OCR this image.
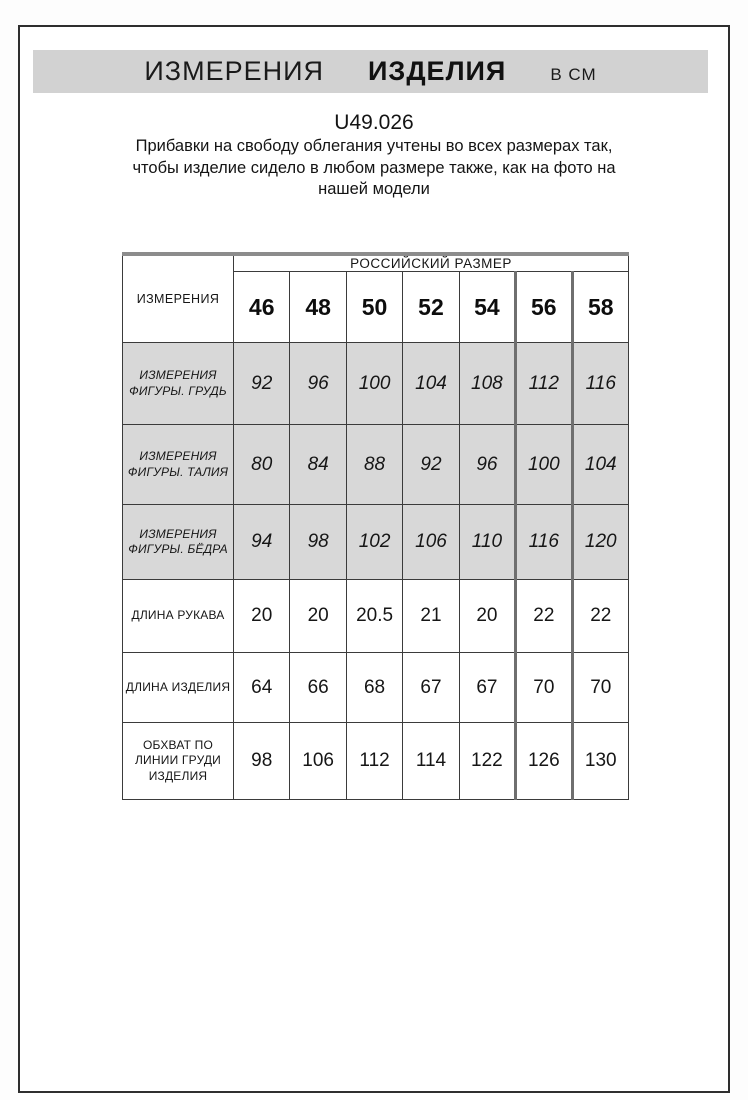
ИЗМЕРЕНИЯ ИЗДЕЛИЯ	В СМ
U49.026
Прибавки на свободу облегания учтены во всех размерах так,
чтобы изделие сидело в любом размере также, как на фото на
нашей модели
ИЗМЕРЕНИЯ	РОССИЙСКИЙ РАЗМЕР						
	46	48	50	52	54	56	58
ИЗМЕРЕНИЯ ФИГУРЫ. ГРУДЬ	92	96	100	104	108	112	116
ИЗМЕРЕНИЯ ФИГУРЫ. ТАЛИЯ	80	84	88	92	96	100	104
ИЗМЕРЕНИЯ ФИГУРЫ. БЁДРА	94	98	102	106	110	116	120
ДЛИНА РУКАВА	20	20	20.5	21	20	22	22
ДЛИНА ИЗДЕЛИЯ	64	66	68	67	67	70	70
ОБХВАТ ПО ЛИНИИ ГРУДИ ИЗДЕЛИЯ	98	106	112	114	122	126	130
